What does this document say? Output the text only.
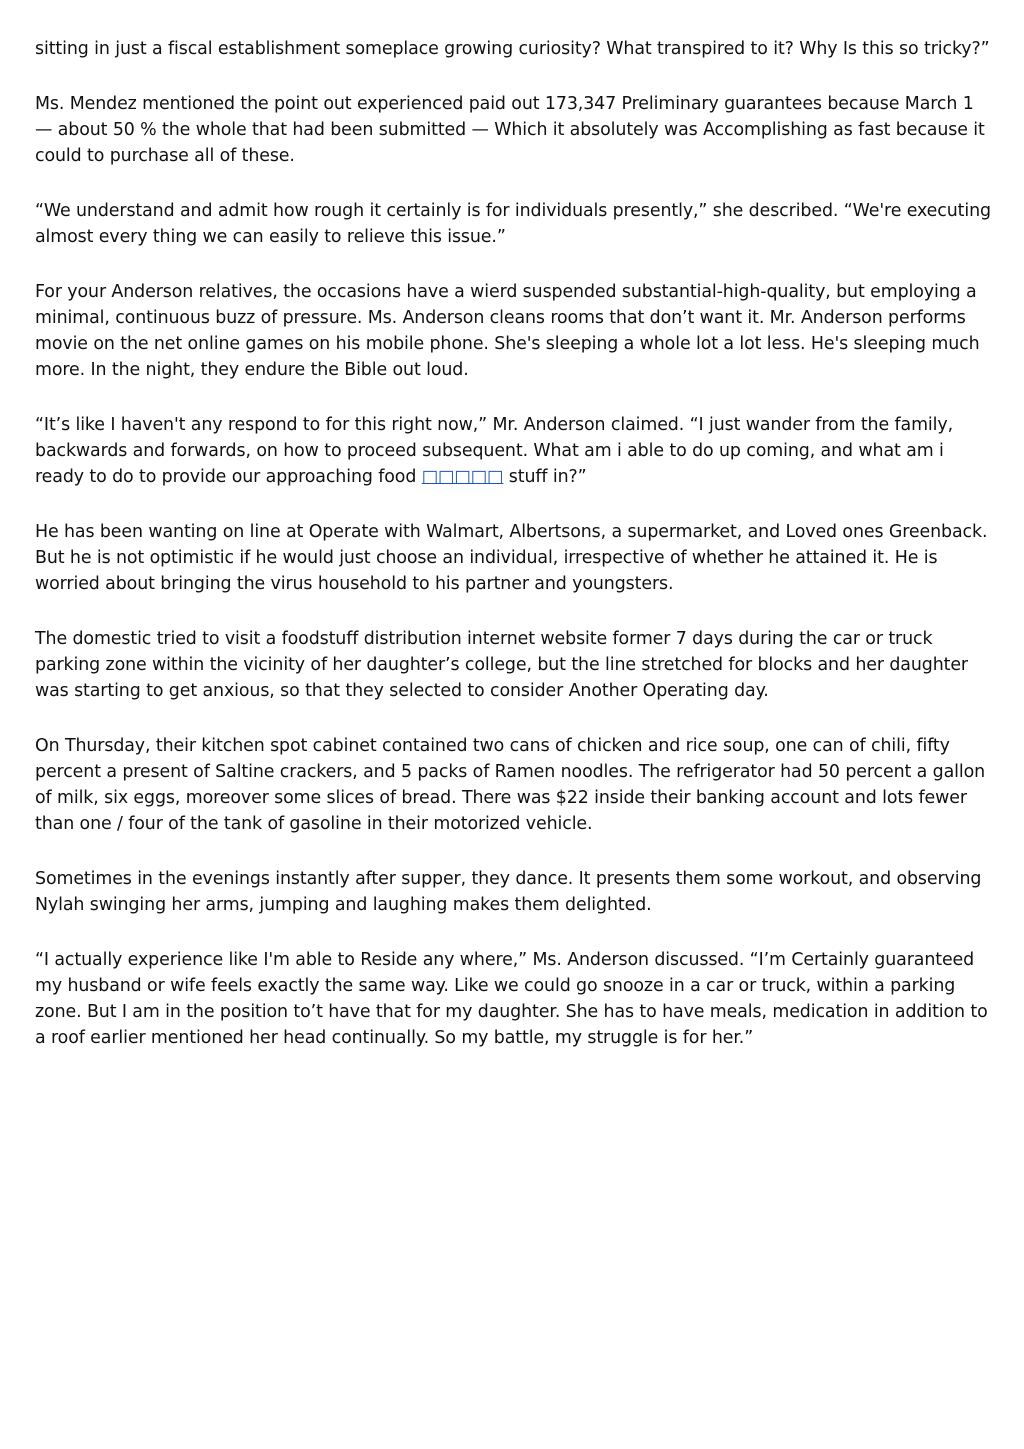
sitting in just a fiscal establishment someplace growing curiosity? What transpired to it? Why Is this so tricky?”

Ms. Mendez mentioned the point out experienced paid out 173,347 Preliminary guarantees because March 1 — about 50 % the whole that had been submitted — Which it absolutely was Accomplishing as fast because it could to purchase all of these.

“We understand and admit how rough it certainly is for individuals presently,” she described. “We're executing almost every thing we can easily to relieve this issue.”

For your Anderson relatives, the occasions have a wierd suspended substantial-high-quality, but employing a minimal, continuous buzz of pressure. Ms. Anderson cleans rooms that don’t want it. Mr. Anderson performs movie on the net online games on his mobile phone. She's sleeping a whole lot a lot less. He's sleeping much more. In the night, they endure the Bible out loud.

“It’s like I haven't any respond to for this right now,” Mr. Anderson claimed. “I just wander from the family, backwards and forwards, on how to proceed subsequent. What am i able to do up coming, and what am i ready to do to provide our approaching food □□□□□ stuff in?”

He has been wanting on line at Operate with Walmart, Albertsons, a supermarket, and Loved ones Greenback. But he is not optimistic if he would just choose an individual, irrespective of whether he attained it. He is worried about bringing the virus household to his partner and youngsters.

The domestic tried to visit a foodstuff distribution internet website former 7 days during the car or truck parking zone within the vicinity of her daughter’s college, but the line stretched for blocks and her daughter was starting to get anxious, so that they selected to consider Another Operating day.

On Thursday, their kitchen spot cabinet contained two cans of chicken and rice soup, one can of chili, fifty percent a present of Saltine crackers, and 5 packs of Ramen noodles. The refrigerator had 50 percent a gallon of milk, six eggs, moreover some slices of bread. There was $22 inside their banking account and lots fewer than one / four of the tank of gasoline in their motorized vehicle.

Sometimes in the evenings instantly after supper, they dance. It presents them some workout, and observing Nylah swinging her arms, jumping and laughing makes them delighted.

“I actually experience like I'm able to Reside any where,” Ms. Anderson discussed. “I’m Certainly guaranteed my husband or wife feels exactly the same way. Like we could go snooze in a car or truck, within a parking zone. But I am in the position to’t have that for my daughter. She has to have meals, medication in addition to a roof earlier mentioned her head continually. So my battle, my struggle is for her.”
